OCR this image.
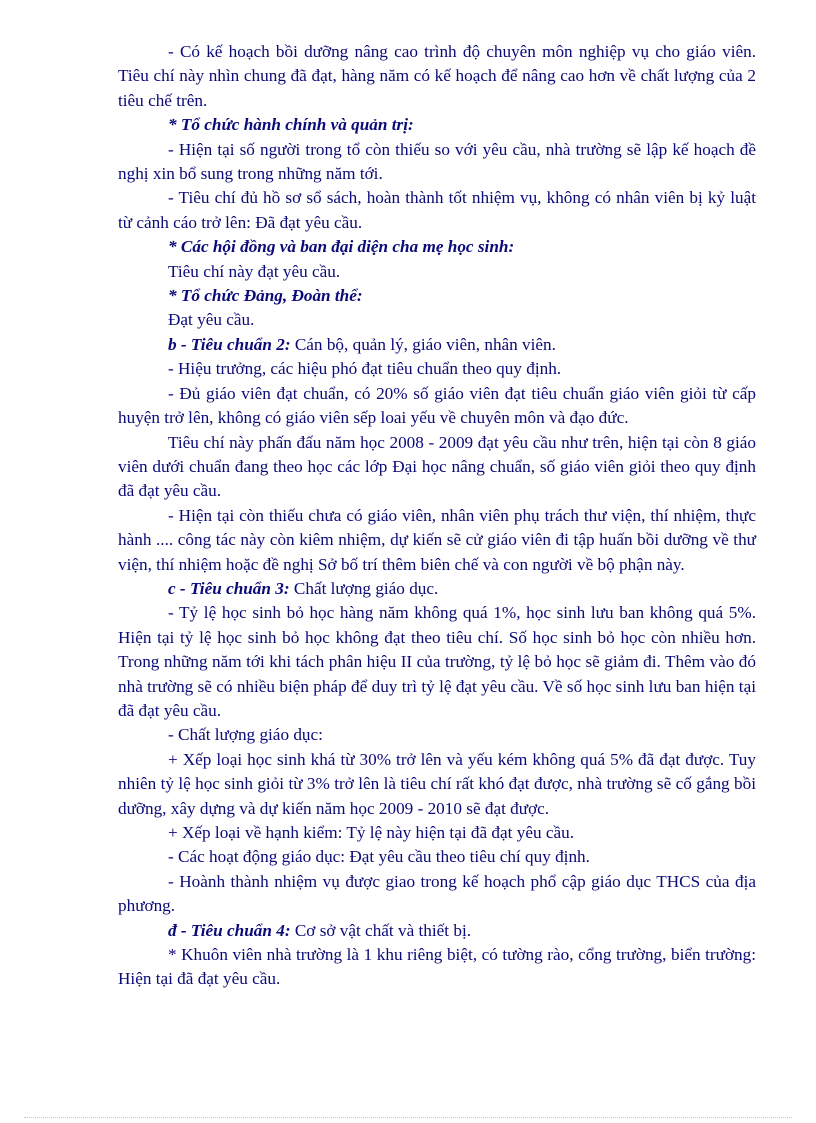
- Có kế hoạch bồi dưỡng nâng cao trình độ chuyên môn nghiệp vụ cho giáo viên. Tiêu chí này nhìn chung đã đạt, hàng năm có kế hoạch để nâng cao hơn về chất lượng của 2 tiêu chế trên.

* Tổ chức hành chính và quản trị:

- Hiện tại số người trong tổ còn thiếu so với yêu cầu, nhà trường sẽ lập kế hoạch đề nghị xin bổ sung trong những năm tới.

- Tiêu chí đủ hồ sơ sổ sách, hoàn thành tốt nhiệm vụ, không có nhân viên bị kỷ luật từ cảnh cáo trở lên: Đã đạt yêu cầu.

* Các hội đồng và ban đại diện cha mẹ học sinh:

Tiêu chí này đạt yêu cầu.

* Tổ chức Đảng, Đoàn thể:

Đạt yêu cầu.

b - Tiêu chuẩn 2: Cán bộ, quản lý, giáo viên, nhân viên.

- Hiệu trưởng, các hiệu phó đạt tiêu chuẩn theo quy định.

- Đủ giáo viên đạt chuẩn, có 20% số giáo viên đạt tiêu chuẩn giáo viên giỏi từ cấp huyện trở lên, không có giáo viên sếp loai yếu về chuyên môn và đạo đức.

Tiêu chí này phấn đấu năm học 2008 - 2009 đạt yêu cầu như trên, hiện tại còn 8 giáo viên dưới chuẩn đang theo học các lớp Đại học nâng chuẩn, số giáo viên giỏi theo quy định đã đạt yêu cầu.

- Hiện tại còn thiếu chưa có giáo viên, nhân viên phụ trách thư viện, thí nhiệm, thực hành .... công tác này còn kiêm nhiệm, dự kiến sẽ cử giáo viên đi tập huấn bồi dưỡng về thư viện, thí nhiệm hoặc đề nghị Sở bố trí thêm biên chế và con người về bộ phận này.

c - Tiêu chuẩn 3: Chất lượng giáo dục.

- Tỷ lệ học sinh bỏ học hàng năm không quá 1%, học sinh lưu ban không quá 5%. Hiện tại tỷ lệ học sinh bỏ học không đạt theo tiêu chí. Số học sinh bỏ học còn nhiều hơn. Trong những năm tới khi tách phân hiệu II của trường, tỷ lệ bỏ học sẽ giảm đi. Thêm vào đó nhà trường sẽ có nhiều biện pháp để duy trì tỷ lệ đạt yêu cầu. Về số học sinh lưu ban hiện tại đã đạt yêu cầu.

- Chất lượng giáo dục:

+ Xếp loại học sinh khá từ 30% trở lên và yếu kém không quá 5% đã đạt được. Tuy nhiên tỷ lệ học sinh giỏi từ 3% trở lên là tiêu chí rất khó đạt được, nhà trường sẽ cố gắng bồi dưỡng, xây dựng và dự kiến năm học 2009 - 2010 sẽ đạt được.

+ Xếp loại về hạnh kiểm: Tỷ lệ này hiện tại đã đạt yêu cầu.

- Các hoạt động giáo dục: Đạt yêu cầu theo tiêu chí quy định.

- Hoành thành nhiệm vụ được giao trong kế hoạch phổ cập giáo dục THCS của địa phương.

đ - Tiêu chuẩn 4: Cơ sở vật chất và thiết bị.

* Khuôn viên nhà trường là 1 khu riêng biệt, có tường rào, cổng trường, biển trường: Hiện tại đã đạt yêu cầu.
